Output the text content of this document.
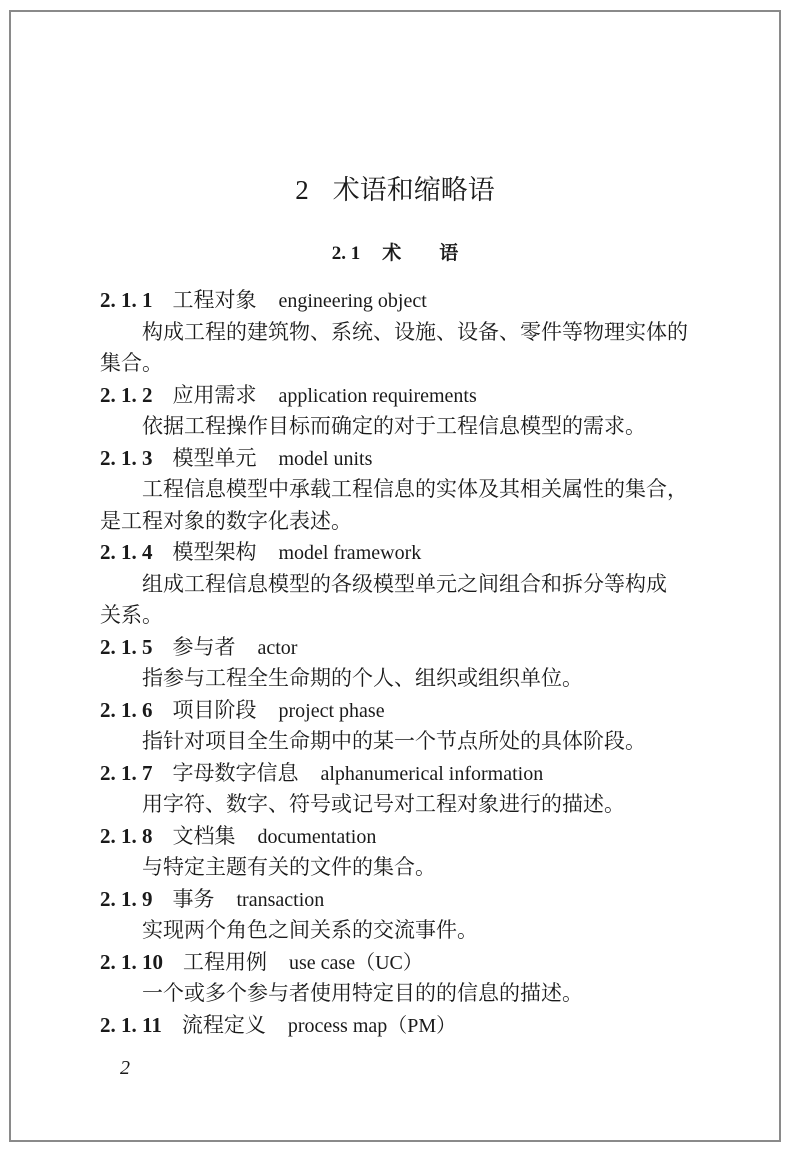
2 术语和缩略语
2. 1 术　　语
2. 1. 1 工程对象 engineering object
构成工程的建筑物、系统、设施、设备、零件等物理实体的
集合。
2. 1. 2 应用需求 application requirements
依据工程操作目标而确定的对于工程信息模型的需求。
2. 1. 3 模型单元 model units
工程信息模型中承载工程信息的实体及其相关属性的集合，
是工程对象的数字化表述。
2. 1. 4 模型架构 model framework
组成工程信息模型的各级模型单元之间组合和拆分等构成
关系。
2. 1. 5 参与者 actor
指参与工程全生命期的个人、组织或组织单位。
2. 1. 6 项目阶段 project phase
指针对项目全生命期中的某一个节点所处的具体阶段。
2. 1. 7 字母数字信息 alphanumerical information
用字符、数字、符号或记号对工程对象进行的描述。
2. 1. 8 文档集 documentation
与特定主题有关的文件的集合。
2. 1. 9 事务 transaction
实现两个角色之间关系的交流事件。
2. 1. 10 工程用例 use case（UC）
一个或多个参与者使用特定目的的信息的描述。
2. 1. 11 流程定义 process map（PM）
2
